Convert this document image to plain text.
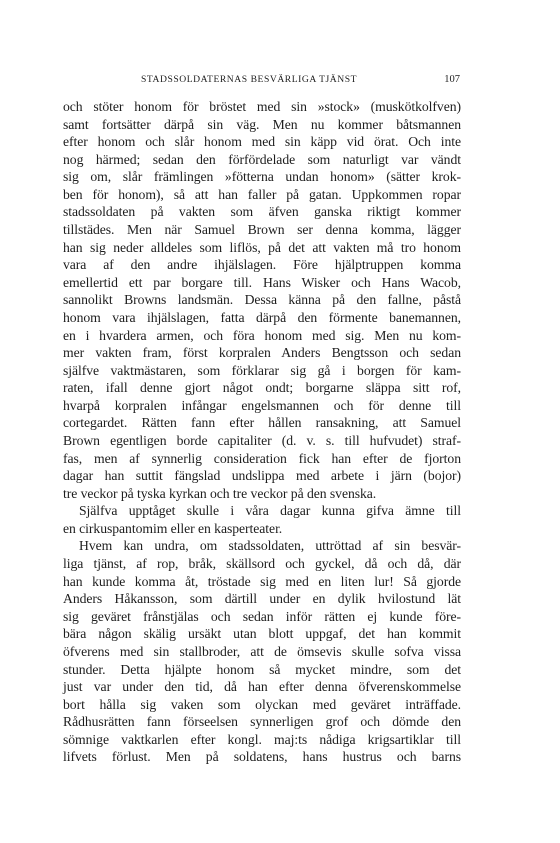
STADSSOLDATERNAS BESVÄRLIGA TJÄNST	107
och stöter honom för bröstet med sin »stock» (muskötkolfven)
samt fortsätter därpå sin väg. Men nu kommer båtsmannen
efter honom och slår honom med sin käpp vid örat. Och inte
nog härmed; sedan den förfördelade som naturligt var vändt
sig om, slår främlingen »fötterna undan honom» (sätter krok-
ben för honom), så att han faller på gatan. Uppkommen ropar
stadssoldaten på vakten som äfven ganska riktigt kommer
tillstädes. Men när Samuel Brown ser denna komma, lägger
han sig neder alldeles som liflös, på det att vakten må tro honom
vara af den andre ihjälslagen. Före hjälptruppen komma
emellertid ett par borgare till. Hans Wisker och Hans Wacob,
sannolikt Browns landsmän. Dessa känna på den fallne, påstå
honom vara ihjälslagen, fatta därpå den förmente banemannen,
en i hvardera armen, och föra honom med sig. Men nu kom-
mer vakten fram, först korpralen Anders Bengtsson och sedan
själfve vaktmästaren, som förklarar sig gå i borgen för kam-
raten, ifall denne gjort något ondt; borgarne släppa sitt rof,
hvarpå korpralen infångar engelsmannen och för denne till
cortegardet. Rätten fann efter hållen ransakning, att Samuel
Brown egentligen borde capitaliter (d. v. s. till hufvudet) straf-
fas, men af synnerlig consideration fick han efter de fjorton
dagar han suttit fängslad undslippa med arbete i järn (bojor)
tre veckor på tyska kyrkan och tre veckor på den svenska.
Själfva upptåget skulle i våra dagar kunna gifva ämne till
en cirkuspantomim eller en kasperteater.
Hvem kan undra, om stadssoldaten, uttröttad af sin besvär-
liga tjänst, af rop, bråk, skällsord och gyckel, då och då, där
han kunde komma åt, tröstade sig med en liten lur! Så gjorde
Anders Håkansson, som därtill under en dylik hvilostund lät
sig geväret frånstjälas och sedan inför rätten ej kunde före-
bära någon skälig ursäkt utan blott uppgaf, det han kommit
öfverens med sin stallbroder, att de ömsevis skulle sofva vissa
stunder. Detta hjälpte honom så mycket mindre, som det
just var under den tid, då han efter denna öfverenskommelse
bort hålla sig vaken som olyckan med geväret inträffade.
Rådhusrätten fann förseelsen synnerligen grof och dömde den
sömnige vaktkarlen efter kongl. maj:ts nådiga krigsartiklar till
lifvets förlust. Men på soldatens, hans hustrus och barns
